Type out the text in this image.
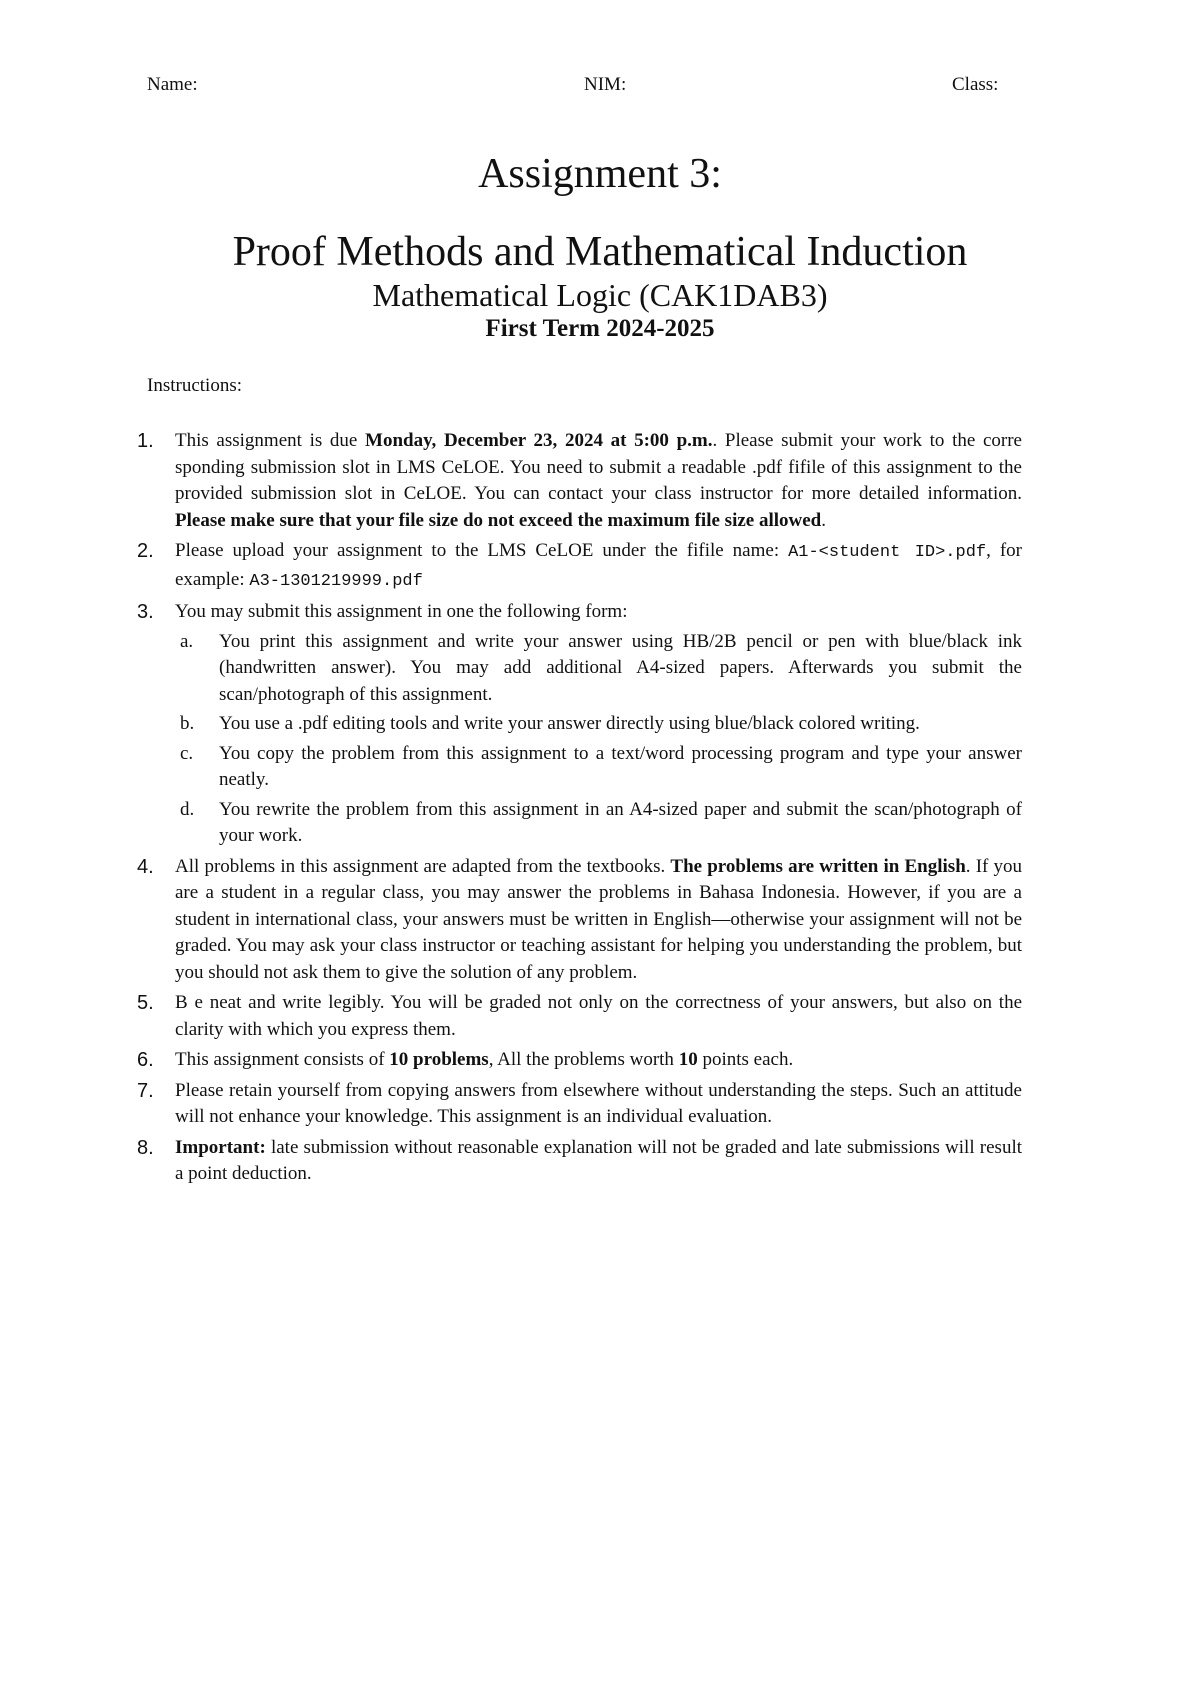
Name:	NIM:	Class:
Assignment 3:
Proof Methods and Mathematical Induction
Mathematical Logic (CAK1DAB3)
First Term 2024-2025
Instructions:
1. This assignment is due Monday, December 23, 2024 at 5:00 p.m.. Please submit your work to the corre sponding submission slot in LMS CeLOE. You need to submit a readable .pdf fifile of this assignment to the provided submission slot in CeLOE. You can contact your class instructor for more detailed information. Please make sure that your file size do not exceed the maximum file size allowed.
2. Please upload your assignment to the LMS CeLOE under the fifile name: A1-<student ID>.pdf, for example: A3-1301219999.pdf
3. You may submit this assignment in one the following form:
a. You print this assignment and write your answer using HB/2B pencil or pen with blue/black ink (handwritten answer). You may add additional A4-sized papers. Afterwards you submit the scan/photograph of this assignment.
b. You use a .pdf editing tools and write your answer directly using blue/black colored writing.
c. You copy the problem from this assignment to a text/word processing program and type your answer neatly.
d. You rewrite the problem from this assignment in an A4-sized paper and submit the scan/photograph of your work.
4. All problems in this assignment are adapted from the textbooks. The problems are written in English. If you are a student in a regular class, you may answer the problems in Bahasa Indonesia. However, if you are a student in international class, your answers must be written in English—otherwise your assignment will not be graded. You may ask your class instructor or teaching assistant for helping you understanding the problem, but you should not ask them to give the solution of any problem.
5. B e neat and write legibly. You will be graded not only on the correctness of your answers, but also on the clarity with which you express them.
6. This assignment consists of 10 problems, All the problems worth 10 points each.
7. Please retain yourself from copying answers from elsewhere without understanding the steps. Such an attitude will not enhance your knowledge. This assignment is an individual evaluation.
8. Important: late submission without reasonable explanation will not be graded and late submissions will result a point deduction.
